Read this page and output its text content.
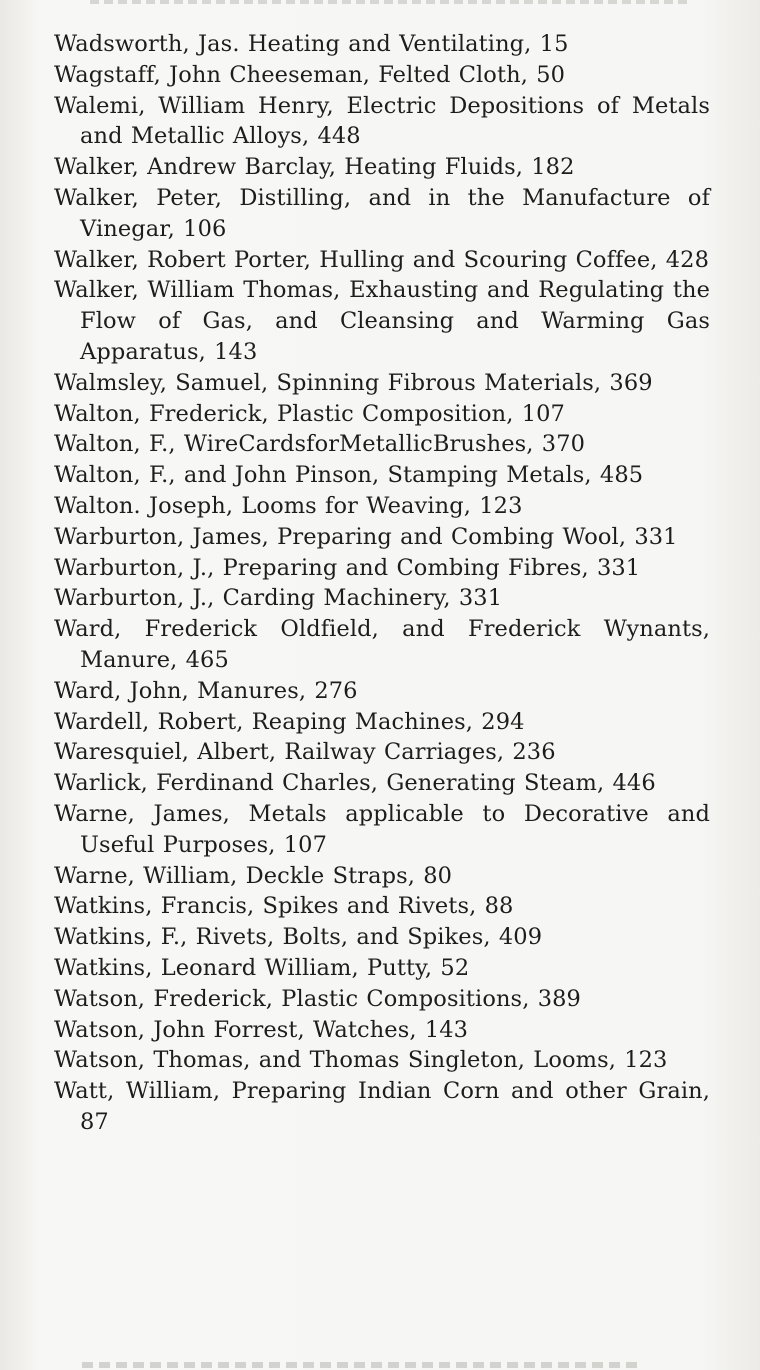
Wadsworth, Jas. Heating and Ventilating, 15
Wagstaff, John Cheeseman, Felted Cloth, 50
Walemi, William Henry, Electric Depositions of Metals and Metallic Alloys, 448
Walker, Andrew Barclay, Heating Fluids, 182
Walker, Peter, Distilling, and in the Manufacture of Vinegar, 106
Walker, Robert Porter, Hulling and Scouring Coffee, 428
Walker, William Thomas, Exhausting and Regulating the Flow of Gas, and Cleansing and Warming Gas Apparatus, 143
Walmsley, Samuel, Spinning Fibrous Materials, 369
Walton, Frederick, Plastic Composition, 107
Walton, F., WireCardsforMetallicBrushes, 370
Walton, F., and John Pinson, Stamping Metals, 485
Walton. Joseph, Looms for Weaving, 123
Warburton, James, Preparing and Combing Wool, 331
Warburton, J., Preparing and Combing Fibres, 331
Warburton, J., Carding Machinery, 331
Ward, Frederick Oldfield, and Frederick Wynants, Manure, 465
Ward, John, Manures, 276
Wardell, Robert, Reaping Machines, 294
Waresquiel, Albert, Railway Carriages, 236
Warlick, Ferdinand Charles, Generating Steam, 446
Warne, James, Metals applicable to Decorative and Useful Purposes, 107
Warne, William, Deckle Straps, 80
Watkins, Francis, Spikes and Rivets, 88
Watkins, F., Rivets, Bolts, and Spikes, 409
Watkins, Leonard William, Putty, 52
Watson, Frederick, Plastic Compositions, 389
Watson, John Forrest, Watches, 143
Watson, Thomas, and Thomas Singleton, Looms, 123
Watt, William, Preparing Indian Corn and other Grain, 87
